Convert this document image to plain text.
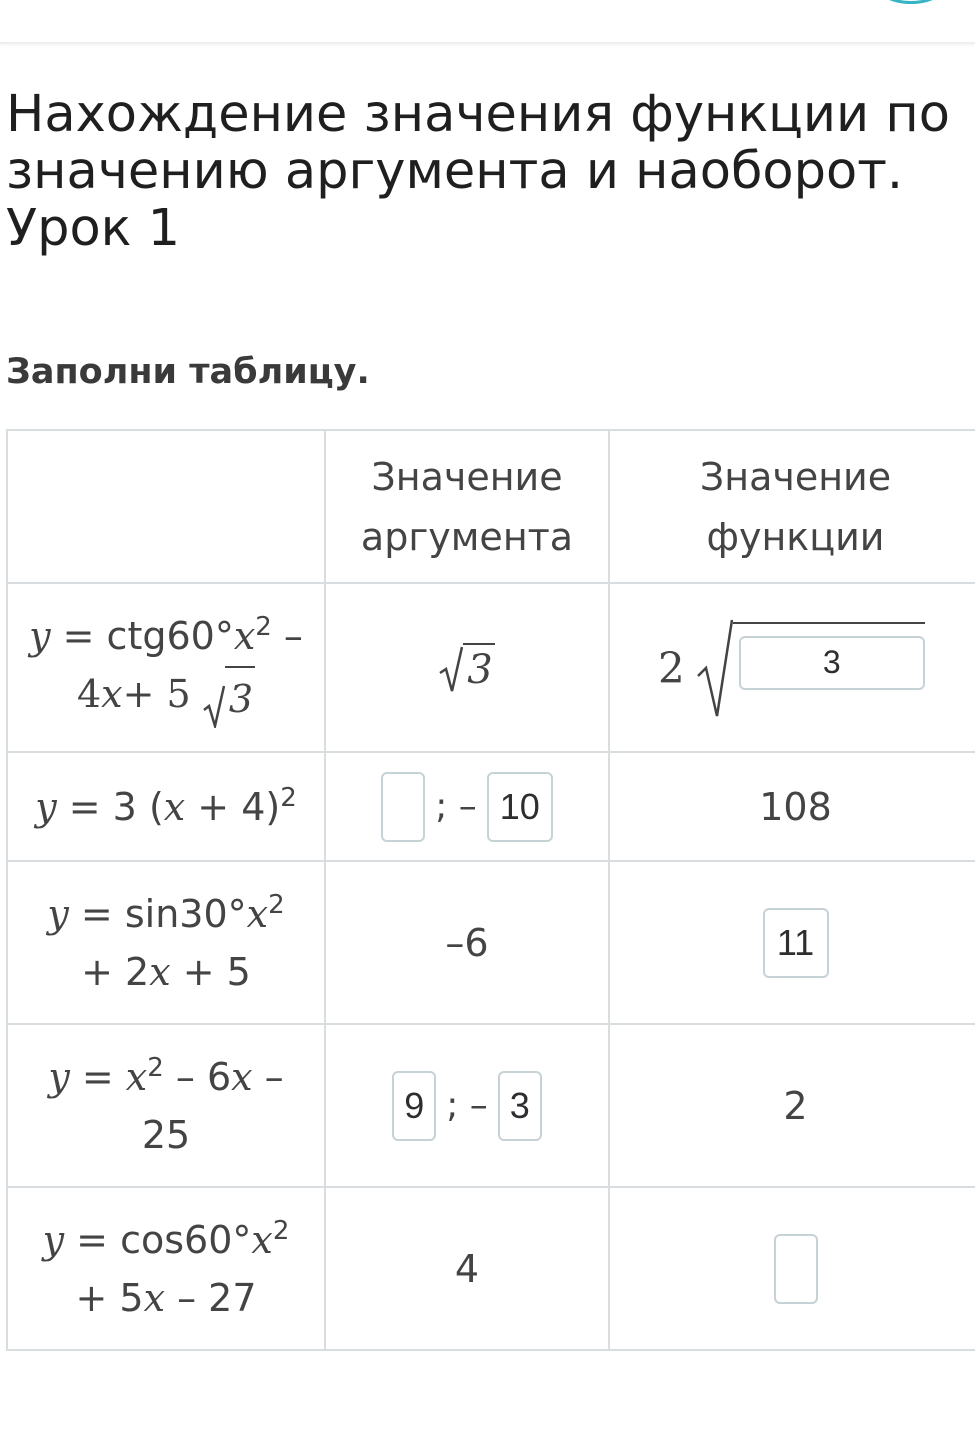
Нахождение значения функции по значению аргумента и наоборот. Урок 1
Заполни таблицу.
	Значение аргумента	Значение функции
$y = ctg60^\circ x^2$ –
4x+ 5 3	3	2 3

y = 3 $(x + 4)^2$	; – 10	108
$y = \sin 30^\circ x^2$
+ 2x + 5	–6	11
$y = x^2 - 6x$ –
25	9 ; – 3	2
$y = \cos 60^\circ x^2$
+ 5x – 27	4	
